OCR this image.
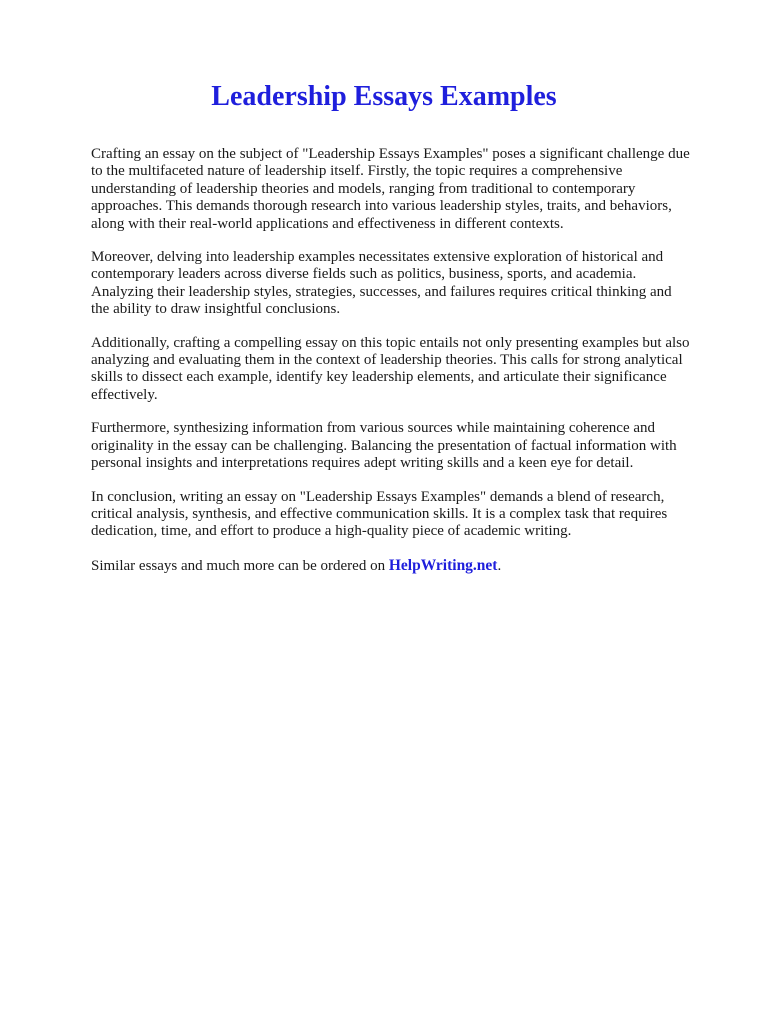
Leadership Essays Examples

Crafting an essay on the subject of "Leadership Essays Examples" poses a significant challenge due to the multifaceted nature of leadership itself. Firstly, the topic requires a comprehensive understanding of leadership theories and models, ranging from traditional to contemporary approaches. This demands thorough research into various leadership styles, traits, and behaviors, along with their real-world applications and effectiveness in different contexts.

Moreover, delving into leadership examples necessitates extensive exploration of historical and contemporary leaders across diverse fields such as politics, business, sports, and academia. Analyzing their leadership styles, strategies, successes, and failures requires critical thinking and the ability to draw insightful conclusions.

Additionally, crafting a compelling essay on this topic entails not only presenting examples but also analyzing and evaluating them in the context of leadership theories. This calls for strong analytical skills to dissect each example, identify key leadership elements, and articulate their significance effectively.

Furthermore, synthesizing information from various sources while maintaining coherence and originality in the essay can be challenging. Balancing the presentation of factual information with personal insights and interpretations requires adept writing skills and a keen eye for detail.

In conclusion, writing an essay on "Leadership Essays Examples" demands a blend of research, critical analysis, synthesis, and effective communication skills. It is a complex task that requires dedication, time, and effort to produce a high-quality piece of academic writing.

Similar essays and much more can be ordered on HelpWriting.net.
